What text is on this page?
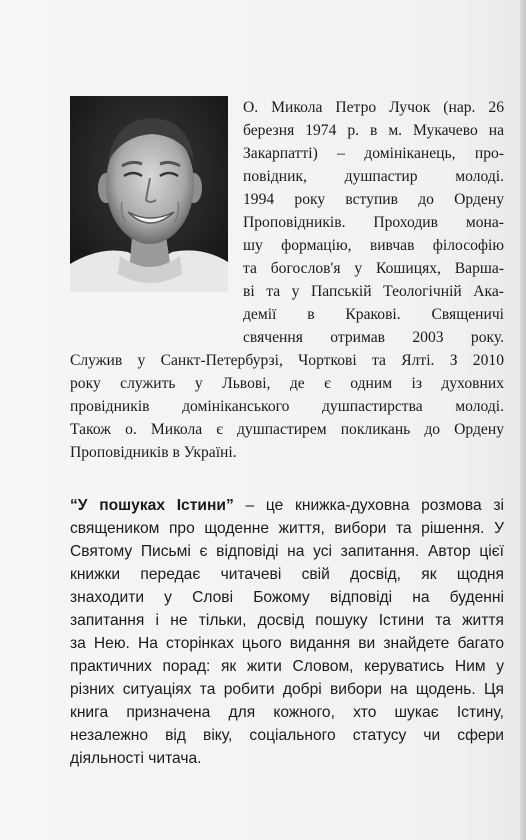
О. Микола Петро Лучок (нар. 26
березня 1974 р. в м. Мукачево на
Закарпатті) – домініканець, про-
повідник, душпастир молоді.
1994 року вступив до Ордену
Проповідників. Проходив мона-
шу формацію, вивчав філософію
та богослов'я у Кошицях, Варша-
ві та у Папській Теологічній Ака-
демії в Кракові. Священичі
свячення отримав 2003 року.
Служив у Санкт-Петербурзі, Чорткові та Ялті. З 2010
року служить у Львові, де є одним із духовних
провідників домініканського душпастирства молоді.
Також о. Микола є душпастирем покликань до Ордену
Проповідників в Україні.
“У пошуках Істини” – це книжка-духовна розмова зі
священиком про щоденне життя, вибори та рішення. У
Святому Письмі є відповіді на усі запитання. Автор цієї
книжки передає читачеві свій досвід, як щодня
знаходити у Слові Божому відповіді на буденні
запитання і не тільки, досвід пошуку Істини та життя
за Нею. На сторінках цього видання ви знайдете багато
практичних порад: як жити Словом, керуватись Ним у
різних ситуаціях та робити добрі вибори на щодень. Ця
книга призначена для кожного, хто шукає Істину,
незалежно від віку, соціального статусу чи сфери
діяльності читача.
